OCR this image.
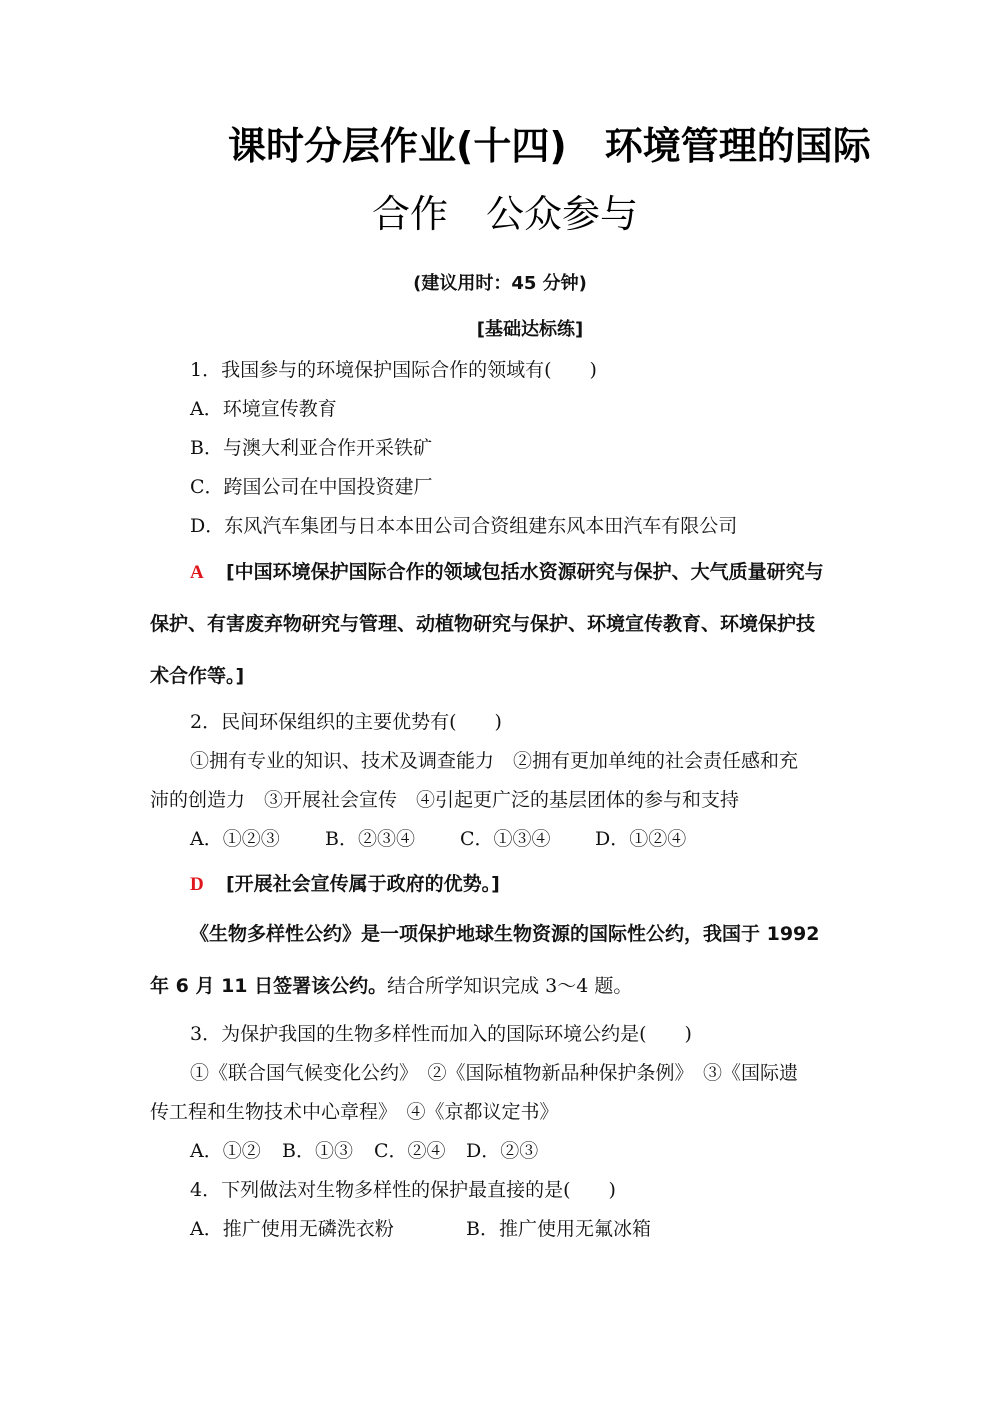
课时分层作业(十四)　环境管理的国际
合作　公众参与
(建议用时：45 分钟)
[基础达标练]
1．我国参与的环境保护国际合作的领域有(　　)
A．环境宣传教育
B．与澳大利亚合作开采铁矿
C．跨国公司在中国投资建厂
D．东风汽车集团与日本本田公司合资组建东风本田汽车有限公司
A [中国环境保护国际合作的领域包括水资源研究与保护、大气质量研究与
保护、有害废弃物研究与管理、动植物研究与保护、环境宣传教育、环境保护技
术合作等。]
2．民间环保组织的主要优势有(　　)
①拥有专业的知识、技术及调查能力　②拥有更加单纯的社会责任感和充
沛的创造力　③开展社会宣传　④引起更广泛的基层团体的参与和支持
A．①②③ B．②③④ C．①③④ D．①②④
D [开展社会宣传属于政府的优势。]
《生物多样性公约》是一项保护地球生物资源的国际性公约，我国于 1992
年 6 月 11 日签署该公约。结合所学知识完成 3～4 题。
3．为保护我国的生物多样性而加入的国际环境公约是(　　)
①《联合国气候变化公约》　②《国际植物新品种保护条例》　③《国际遗
传工程和生物技术中心章程》　④《京都议定书》
A．①② B．①③ C．②④ D．②③
4．下列做法对生物多样性的保护最直接的是(　　)
A．推广使用无磷洗衣粉	B．推广使用无氟冰箱
